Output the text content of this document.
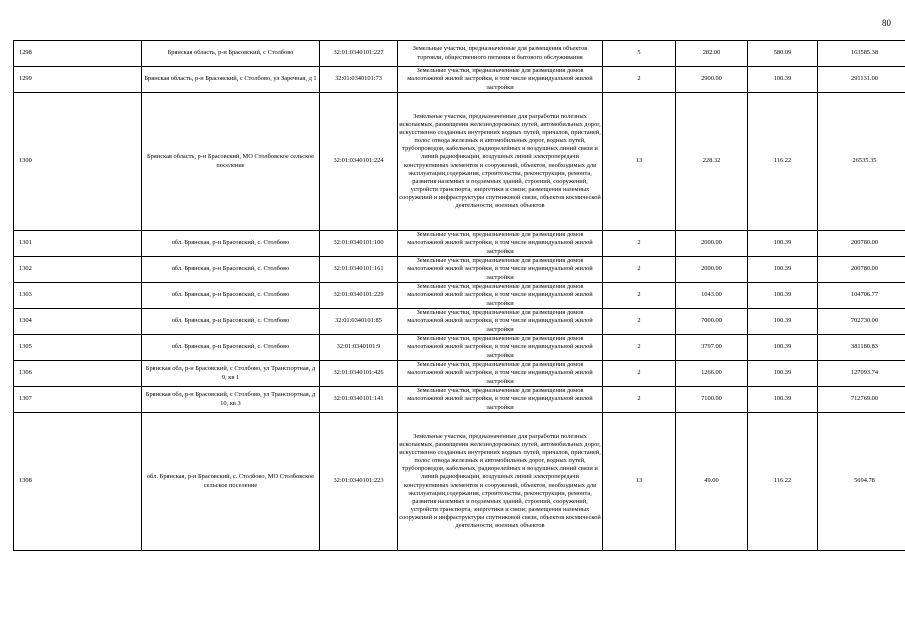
80
1298	Брянская область, р-н Брасовский, с Столбово	32:01:0340101:227	Земельные участки, предназначенные для размещения объектов торговли, общественного питания и бытового обслуживания	5	282.00	580.09	163585.38
1299	Брянская область, р-н Брасовский, с Столбово, ул Заречная, д 1	32:01:0340101:73	Земельные участки, предназначенные для размещения домов малоэтажной жилой застройки, в том числе индивидуальной жилой застройки	2	2900.00	100.39	291131.00
1300	Брянская область, р-н Брасовский, МО Столбовское сельское поселение	32:01:0340101:224	Земельные участки, предназначенные для разработки полезных ископаемых, размещения железнодорожных путей, автомобильных дорог, искусственно созданных внутренних водных путей, причалов, пристаней, полос отвода железных и автомобильных дорог, водных путей, трубопроводов, кабельных, радиорелейных и воздушных линий связи и линий радиофикации, воздушных линий электропередачи конструктивных элементов и сооружений, объектов, необходимых для эксплуатации,содержания, строительства, реконструкции, ремонта, развития наземных и подземных зданий, строений, сооружений, устройств транспорта, энергетики и связи; размещения наземных сооружений и инфраструктуры спутниковой связи, объектов космической деятельности, военных объектов	13	228.32	116.22	26535.35
1301	обл. Брянская, р-н Брасовский, с. Столбово	32:01:0340101:100	Земельные участки, предназначенные для размещения домов малоэтажной жилой застройки, в том числе индивидуальной жилой застройки	2	2000.00	100.39	200780.00
1302	обл. Брянская, р-н Брасовский, с. Столбово	32:01:0340101:161	Земельные участки, предназначенные для размещения домов малоэтажной жилой застройки, в том числе индивидуальной жилой застройки	2	2000.00	100.39	200780.00
1303	обл. Брянская, р-н Брасовский, с. Столбово	32:01:0340101:229	Земельные участки, предназначенные для размещения домов малоэтажной жилой застройки, в том числе индивидуальной жилой застройки	2	1043.00	100.39	104706.77
1304	обл. Брянская, р-н Брасовский, с. Столбово	32:01:0340101:85	Земельные участки, предназначенные для размещения домов малоэтажной жилой застройки, в том числе индивидуальной жилой застройки	2	7000.00	100.39	702730.00
1305	обл. Брянская, р-н Брасовский, с. Столбово	32:01:0340101:9	Земельные участки, предназначенные для размещения домов малоэтажной жилой застройки, в том числе индивидуальной жилой застройки	2	3797.00	100.39	381180.83
1306	Брянская обл, р-н Брасовский, с Столбово, ул Транспортная, д 9, кв 1	32:01:0340101:426	Земельные участки, предназначенные для размещения домов малоэтажной жилой застройки, в том числе индивидуальной жилой застройки	2	1266.00	100.39	127093.74
1307	Брянская обл, р-н Брасовский, с Столбово, ул Транспортная, д 10, кв 3	32:01:0340101:141	Земельные участки, предназначенные для размещения домов малоэтажной жилой застройки, в том числе индивидуальной жилой застройки	2	7100.00	100.39	712769.00
1308	обл. Брянская, р-н Брасовский, с. Столбово, МО Столбовское сельское поселение	32:01:0340101:223	Земельные участки, предназначенные для разработки полезных ископаемых, размещения железнодорожных путей, автомобильных дорог, искусственно созданных внутренних водных путей, причалов, пристаней, полос отвода железных и автомобильных дорог, водных путей, трубопроводов, кабельных, радиорелейных и воздушных линий связи и линий радиофикации, воздушных линий электропередачи конструктивных элементов и сооружений, объектов, необходимых для эксплуатации,содержания, строительства, реконструкции, ремонта, развития наземных и подземных зданий, строений, сооружений, устройств транспорта, энергетики и связи; размещения наземных сооружений и инфраструктуры спутниковой связи, объектов космической деятельности, военных объектов	13	49.00	116.22	5694.78
